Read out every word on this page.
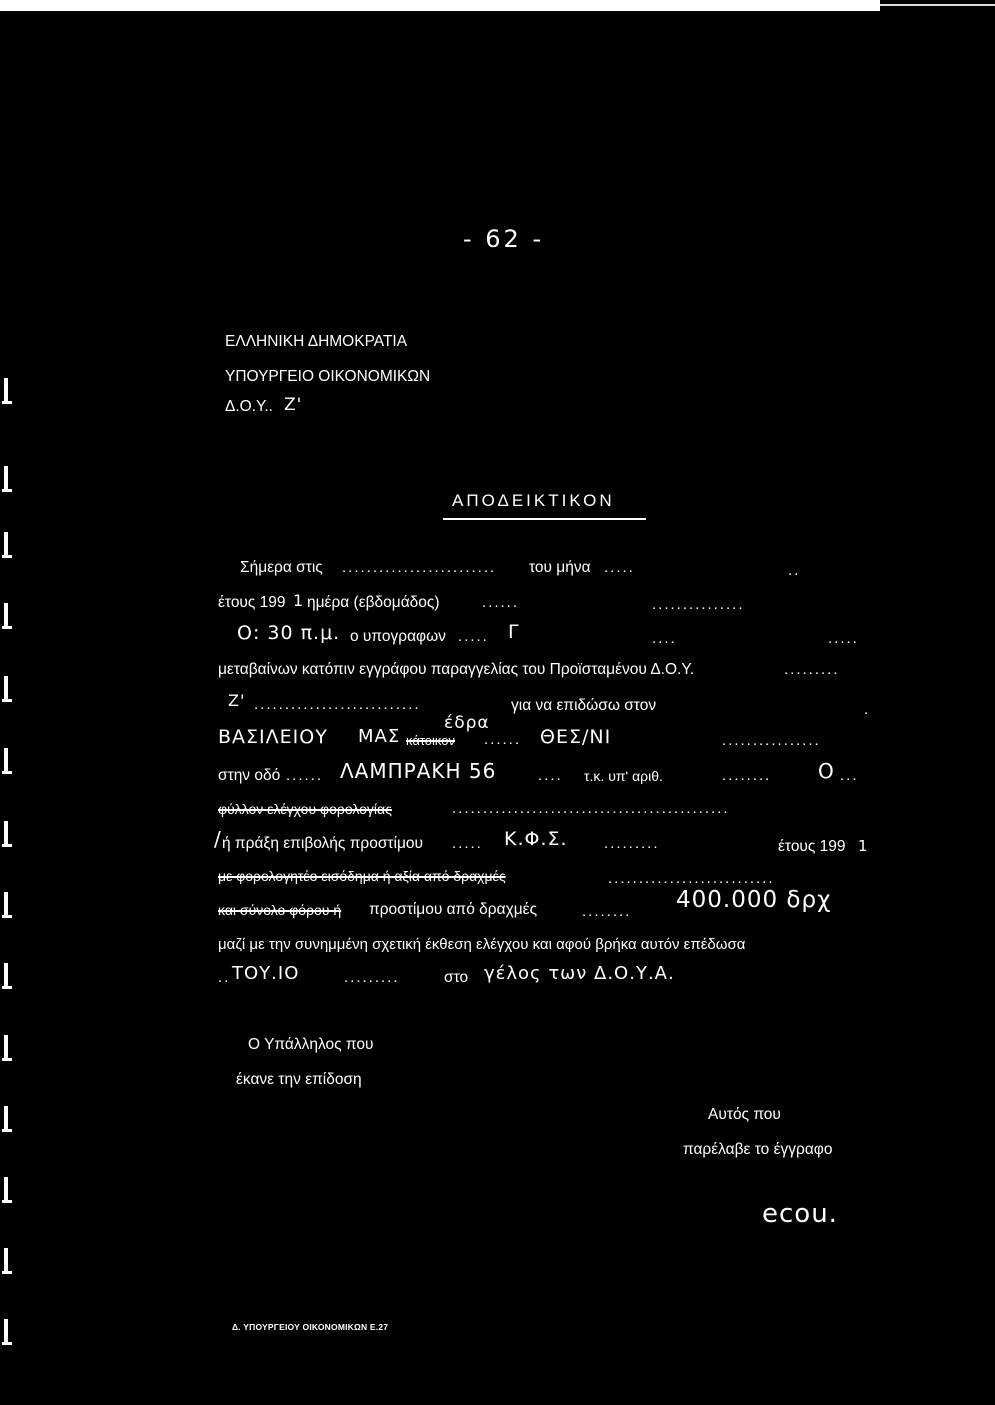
- 62 -
ΕΛΛΗΝΙΚΗ ΔΗΜΟΚΡΑΤΙΑ
ΥΠΟΥΡΓΕΙΟ ΟΙΚΟΝΟΜΙΚΩΝ
Δ.Ο.Υ.. Ζ'
ΑΠΟΔΕΙΚΤΙΚΟΝ
Σήμερα στις ......................... του μήνα .....	..
έτους 199 1 ημέρα (εβδομάδος)	......	...............
Ο: 30 π.μ. ο υπογραφων ..... Γ	....	.....
μεταβαίνων κατόπιν εγγράφου παραγγελίας του Προϊσταμένου Δ.Ο.Υ.	.........
Ζ' ...........................	για να επιδώσω στον	.
ΒΑΣΙΛΕΙΟΥ ΜΑΣ κάτοικον
έδρα
...... ΘΕΣ/ΝΙ	................
στην οδό ...... ΛΑΜΠΡΑΚΗ 56	.... τ.κ. υπ' αριθ.	........ Ο ...
φύλλον ελέγχου φορολογίας	.............................................
/ ή πράξη επιβολής προστίμου ..... Κ.Φ.Σ. .........	έτους 199 1
με φορολογητέο εισόδημα ή αξία από δραχμές	...........................
και σύνολο φόρου ή προστίμου από δραχμές	........ 400.000 δρχ
μαζί με την συνημμένη σχετική έκθεση ελέγχου και αφού βρήκα αυτόν επέδωσα
.. ΤΟΥ.ΙΟ	.........	στο γέλος των Δ.Ο.Υ.Α.
Ο Υπάλληλος που
έκανε την επίδοση
Αυτός που
παρέλαβε το έγγραφο
ecou.
Δ. ΥΠΟΥΡΓΕΙΟΥ ΟΙΚΟΝΟΜΙΚΩΝ Ε.27
